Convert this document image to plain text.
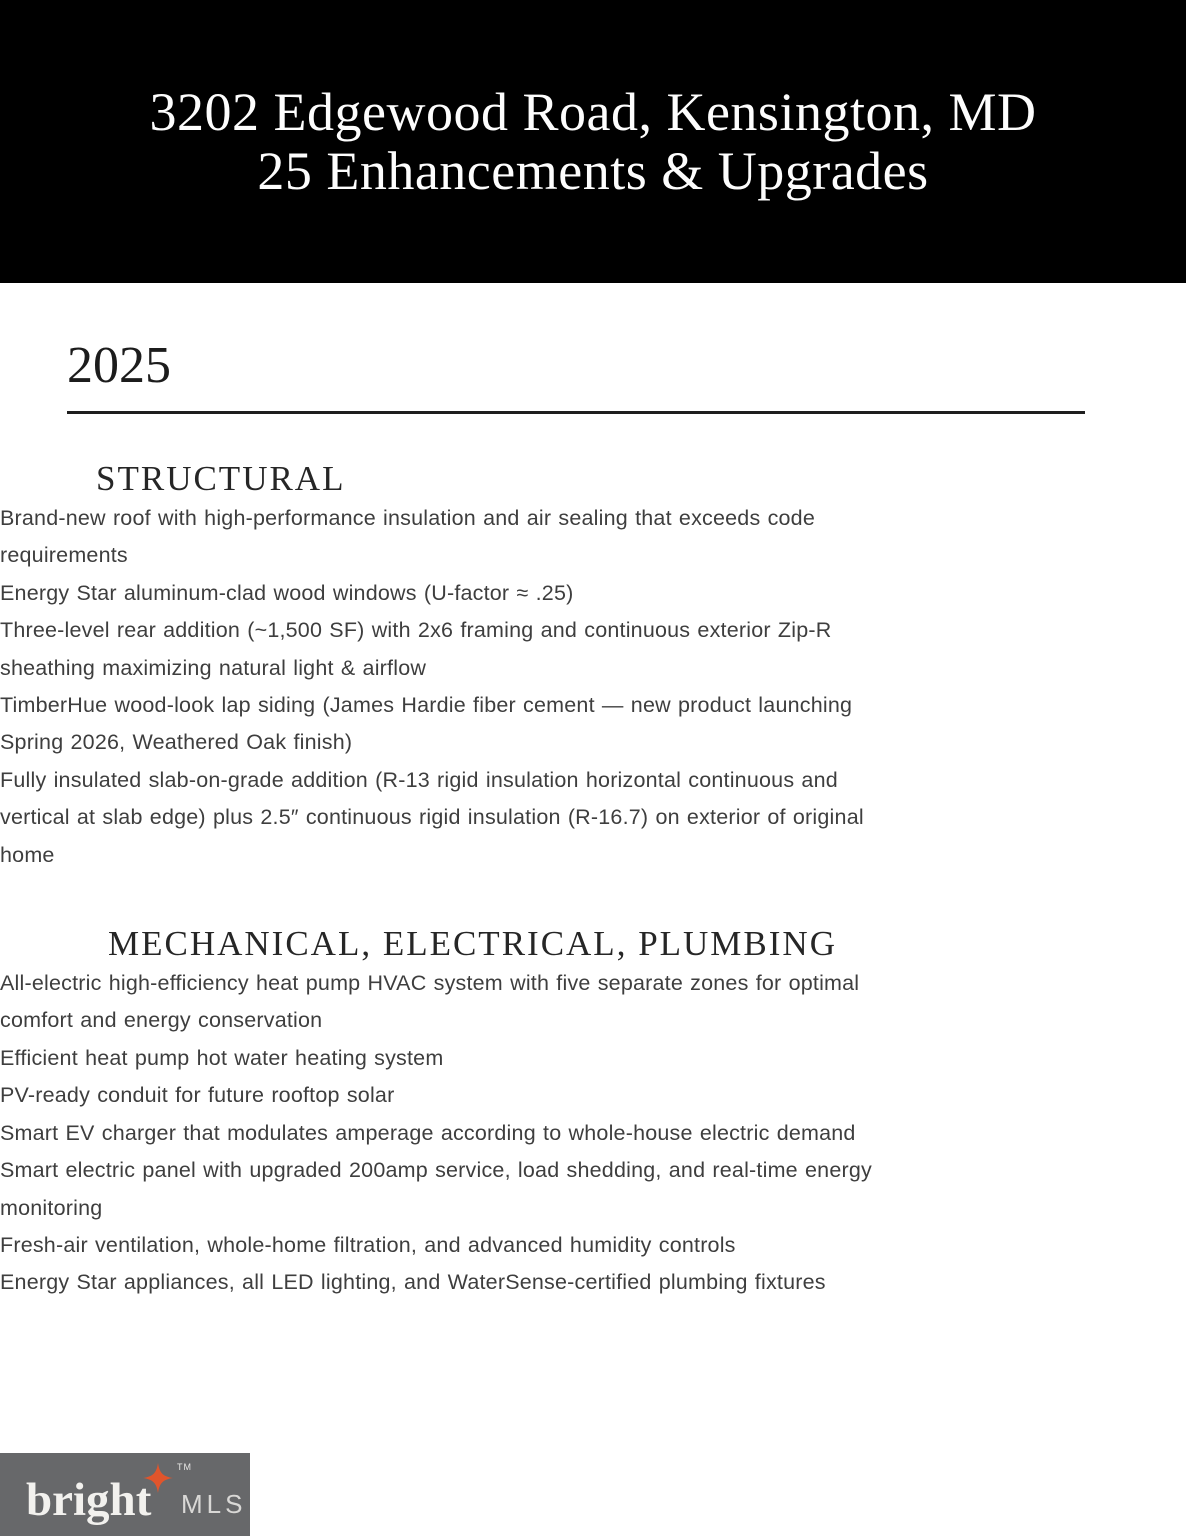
3202 Edgewood Road, Kensington, MD
25 Enhancements & Upgrades
2025
STRUCTURAL
Brand-new roof with high-performance insulation and air sealing that exceeds code requirements
Energy Star aluminum-clad wood windows (U-factor ≈ .25)
Three-level rear addition (~1,500 SF) with 2x6 framing and continuous exterior Zip-R sheathing maximizing natural light & airflow
TimberHue wood-look lap siding (James Hardie fiber cement — new product launching Spring 2026, Weathered Oak finish)
Fully insulated slab-on-grade addition (R-13 rigid insulation horizontal continuous and vertical at slab edge) plus 2.5″ continuous rigid insulation (R-16.7) on exterior of original home
MECHANICAL, ELECTRICAL, PLUMBING
All-electric high-efficiency heat pump HVAC system with five separate zones for optimal comfort and energy conservation
Efficient heat pump hot water heating system
PV-ready conduit for future rooftop solar
Smart EV charger that modulates amperage according to whole-house electric demand
Smart electric panel with upgraded 200amp service, load shedding, and real-time energy monitoring
Fresh-air ventilation, whole-home filtration, and advanced humidity controls
Energy Star appliances, all LED lighting, and WaterSense-certified plumbing fixtures
bright
TM
MLS
